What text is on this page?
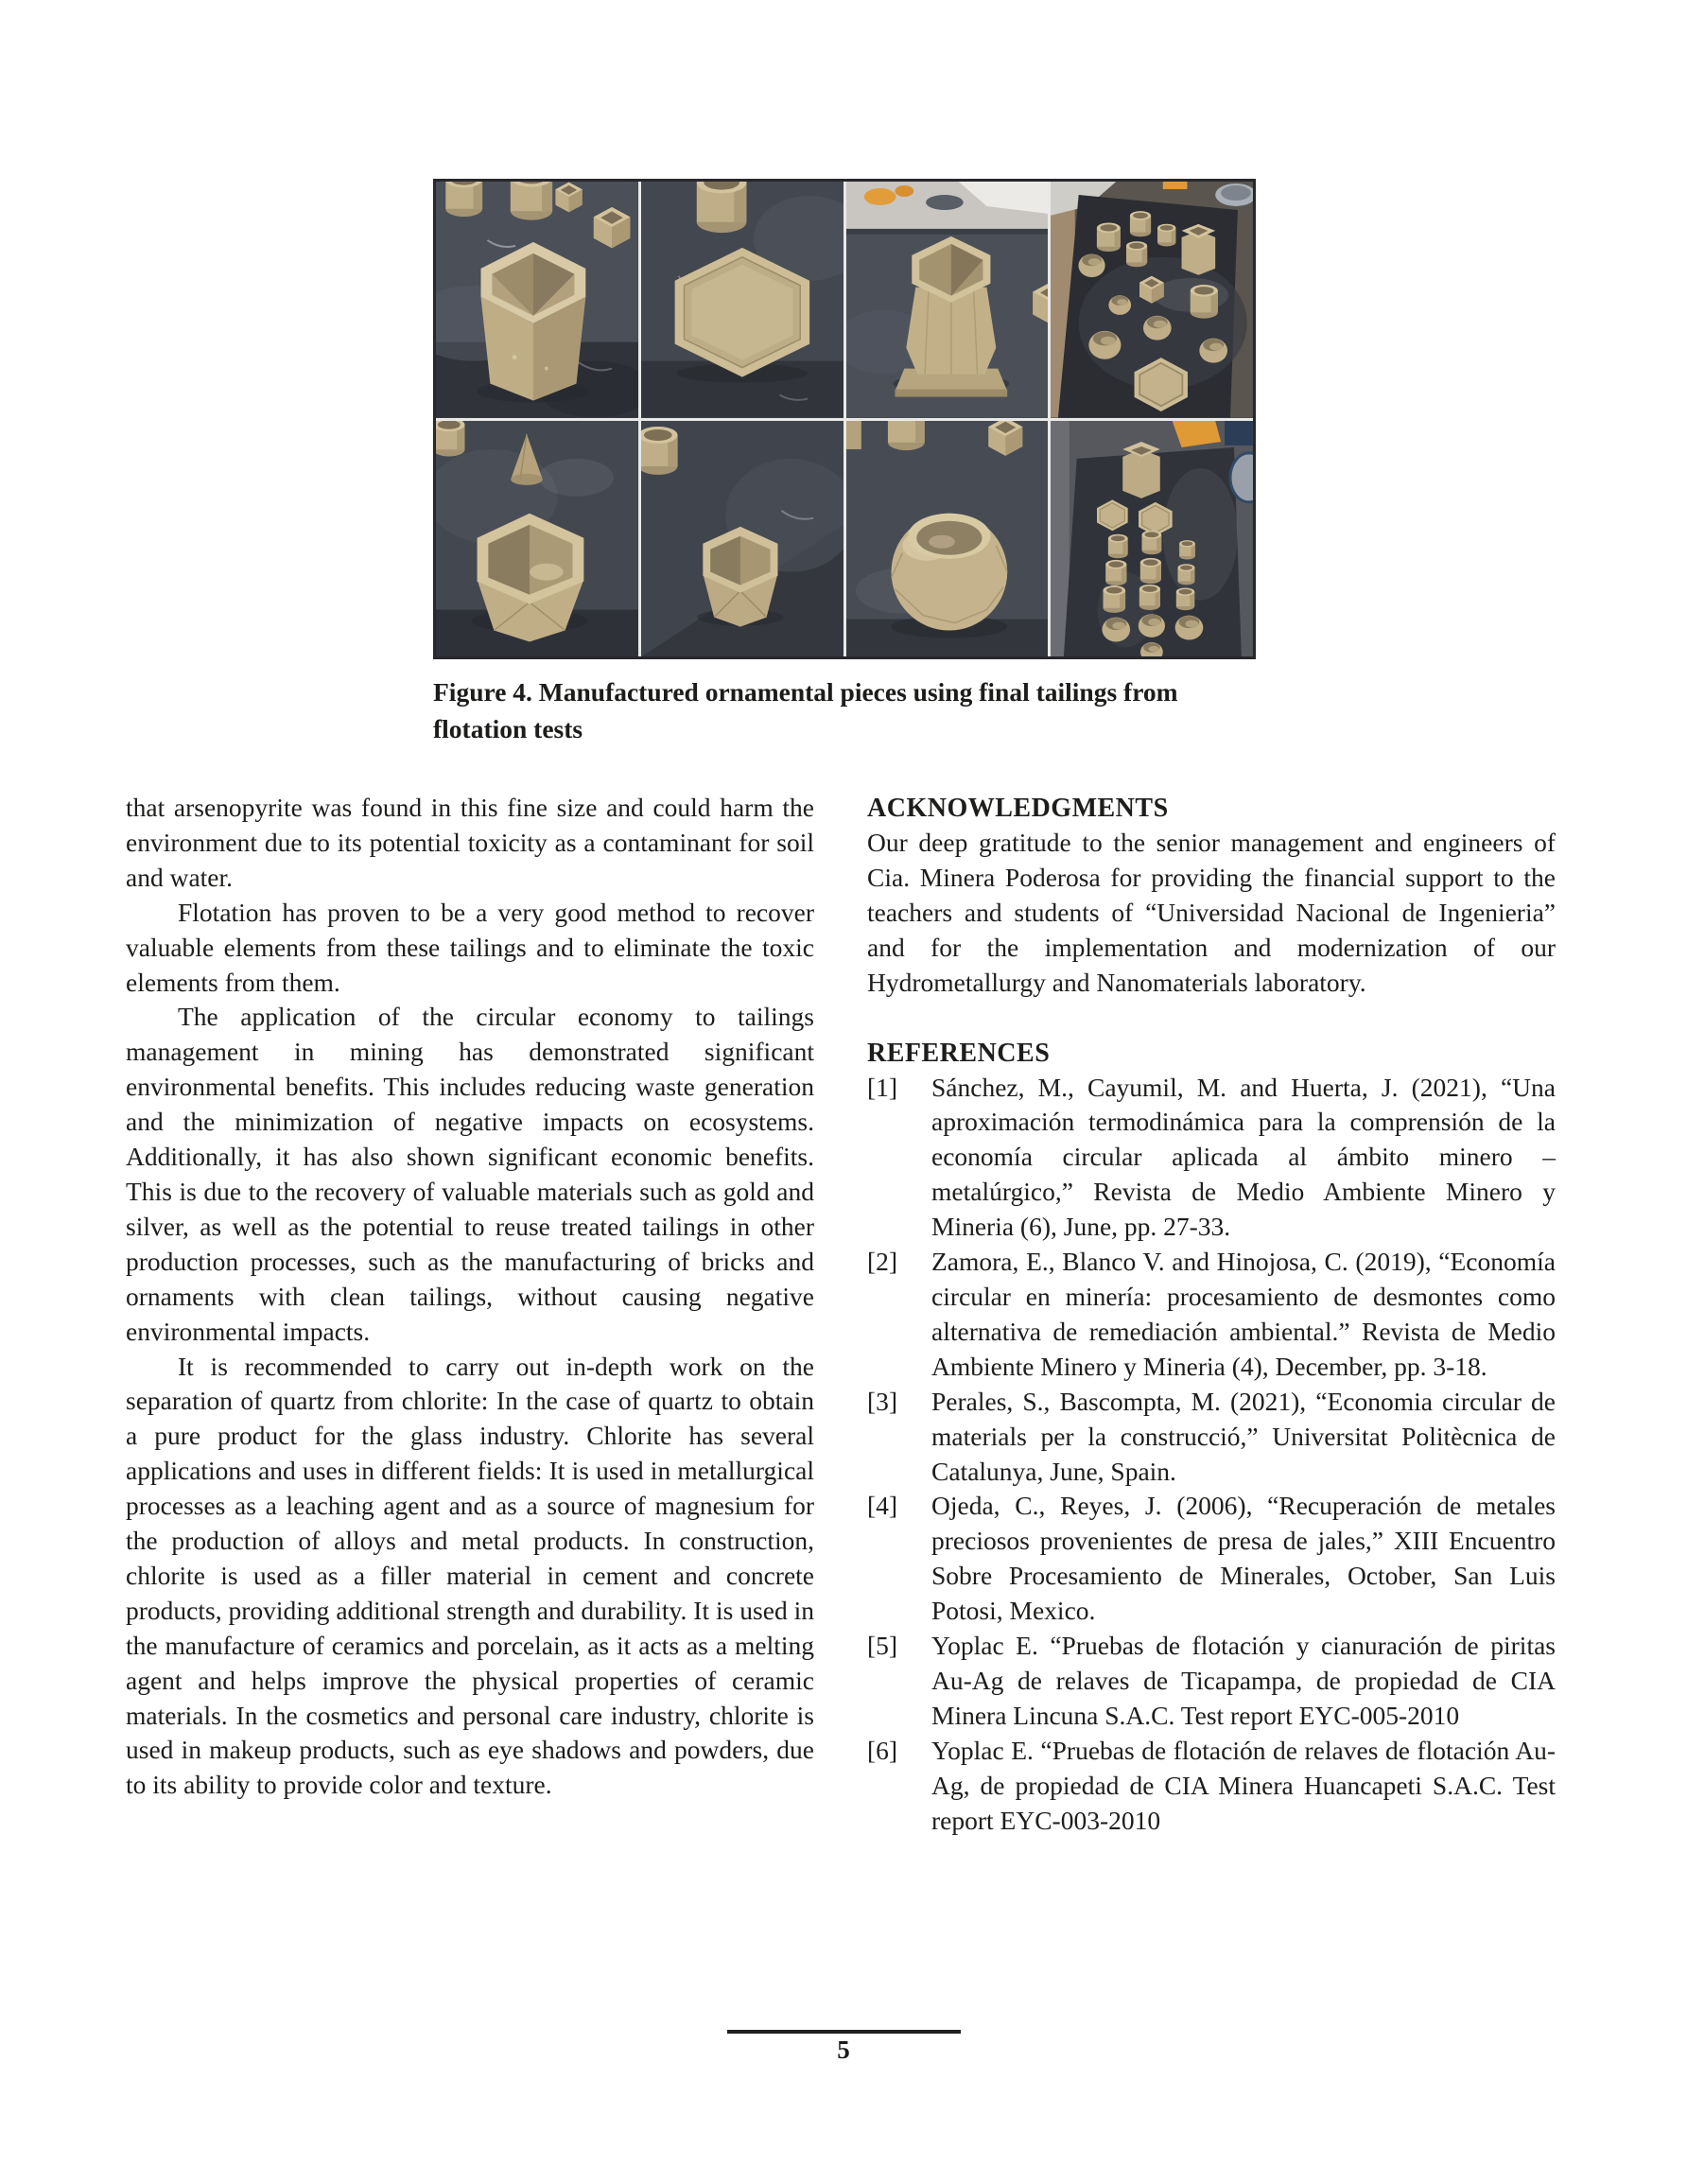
Figure 4. Manufactured ornamental pieces using final tailings from flotation tests

that arsenopyrite was found in this fine size and could harm the environment due to its potential toxicity as a contaminant for soil and water.

Flotation has proven to be a very good method to recover valuable elements from these tailings and to eliminate the toxic elements from them.

The application of the circular economy to tailings management in mining has demonstrated significant environmental benefits. This includes reducing waste generation and the minimization of negative impacts on ecosystems. Additionally, it has also shown significant economic benefits. This is due to the recovery of valuable materials such as gold and silver, as well as the potential to reuse treated tailings in other production processes, such as the manufacturing of bricks and ornaments with clean tailings, without causing negative environmental impacts.

It is recommended to carry out in-depth work on the separation of quartz from chlorite: In the case of quartz to obtain a pure product for the glass industry. Chlorite has several applications and uses in different fields: It is used in metallurgical processes as a leaching agent and as a source of magnesium for the production of alloys and metal products. In construction, chlorite is used as a filler material in cement and concrete products, providing additional strength and durability. It is used in the manufacture of ceramics and porcelain, as it acts as a melting agent and helps improve the physical properties of ceramic materials. In the cosmetics and personal care industry, chlorite is used in makeup products, such as eye shadows and powders, due to its ability to provide color and texture.

ACKNOWLEDGMENTS

Our deep gratitude to the senior management and engineers of Cia. Minera Poderosa for providing the financial support to the teachers and students of “Universidad Nacional de Ingenieria” and for the implementation and modernization of our Hydrometallurgy and Nanomaterials laboratory.

REFERENCES
[1]	Sánchez, M., Cayumil, M. and Huerta, J. (2021), “Una aproximación termodinámica para la comprensión de la economía circular aplicada al ámbito minero – metalúrgico,” Revista de Medio Ambiente Minero y Mineria (6), June, pp. 27-33.
[2]	Zamora, E., Blanco V. and Hinojosa, C. (2019), “Economía circular en minería: procesamiento de desmontes como alternativa de remediación ambiental.” Revista de Medio Ambiente Minero y Mineria (4), December, pp. 3-18.
[3]	Perales, S., Bascompta, M. (2021), “Economia circular de materials per la construcció,” Universitat Politècnica de Catalunya, June, Spain.
[4]	Ojeda, C., Reyes, J. (2006), “Recuperación de metales preciosos provenientes de presa de jales,” XIII Encuentro Sobre Procesamiento de Minerales, October, San Luis Potosi, Mexico.
[5]	Yoplac E. “Pruebas de flotación y cianuración de piritas Au-Ag de relaves de Ticapampa, de propiedad de CIA Minera Lincuna S.A.C. Test report EYC-005-2010
[6]	Yoplac E. “Pruebas de flotación de relaves de flotación Au-Ag, de propiedad de CIA Minera Huancapeti S.A.C. Test report EYC-003-2010
5
